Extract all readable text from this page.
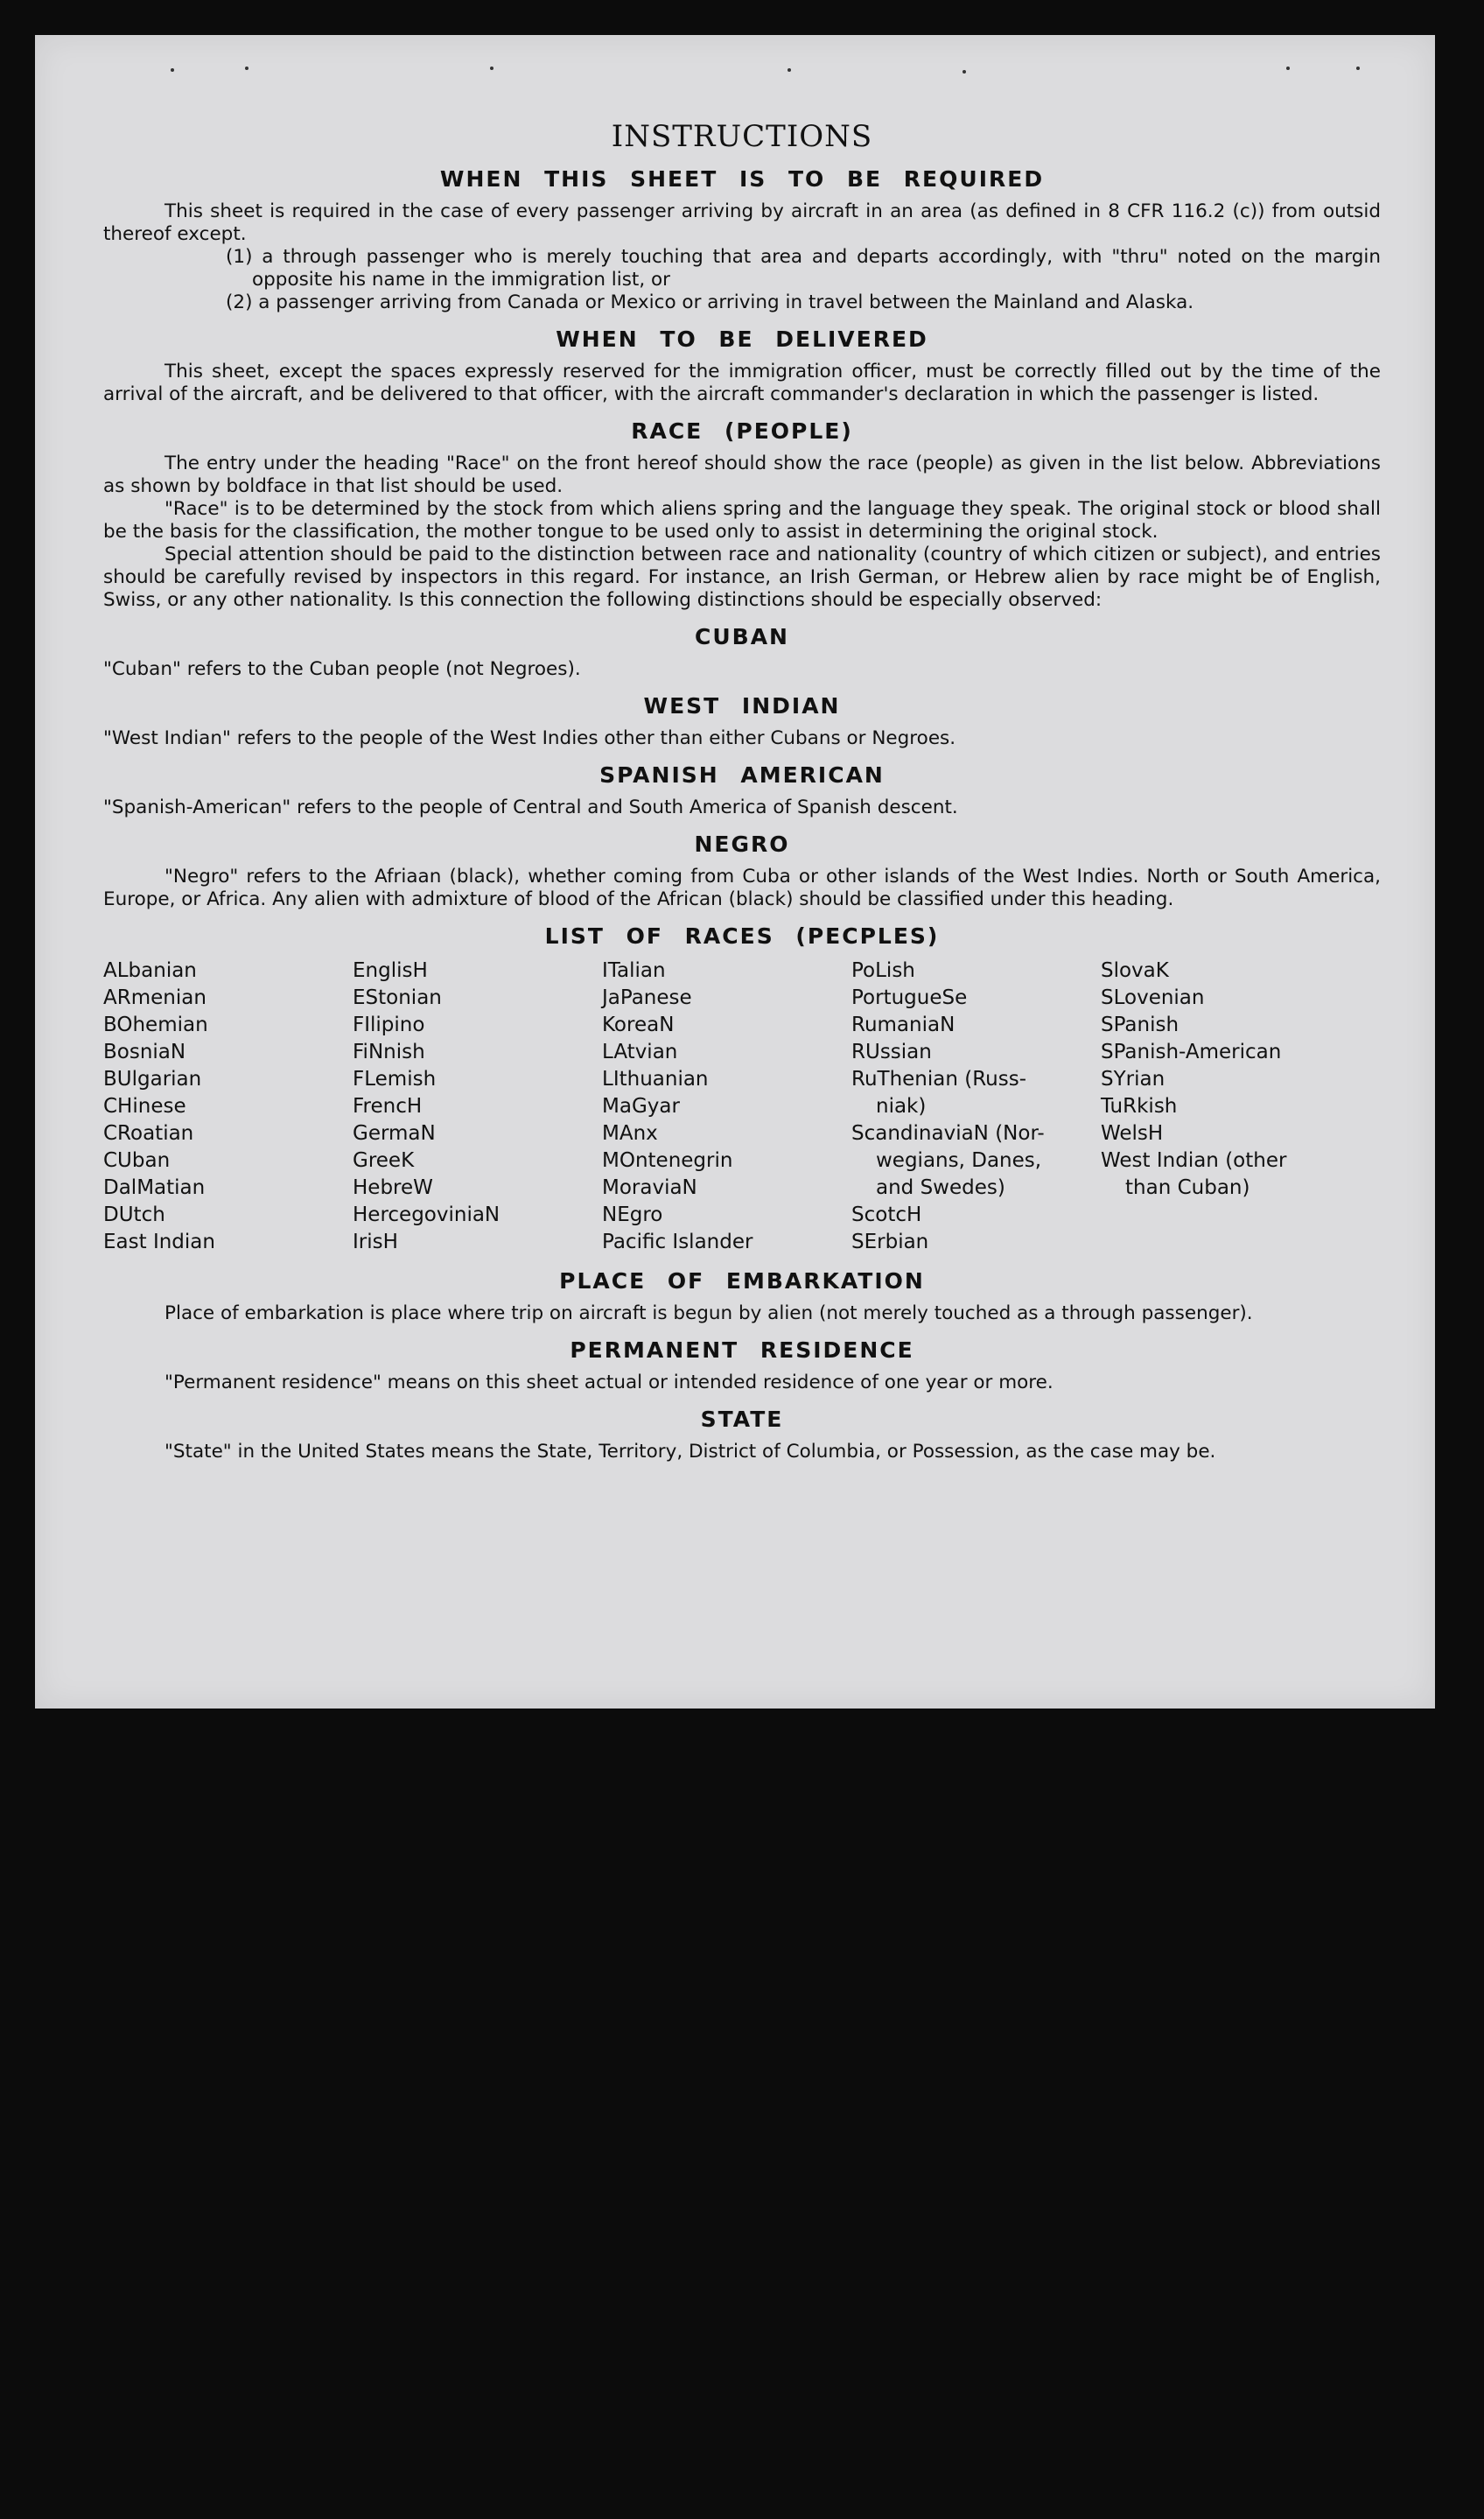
INSTRUCTIONS
WHEN THIS SHEET IS TO BE REQUIRED

This sheet is required in the case of every passenger arriving by aircraft in an area (as defined in 8 CFR 116.2 (c)) from outsid thereof except.

(1) a through passenger who is merely touching that area and departs accordingly, with "thru" noted on the margin opposite his name in the immigration list, or

(2) a passenger arriving from Canada or Mexico or arriving in travel between the Mainland and Alaska.

WHEN TO BE DELIVERED

This sheet, except the spaces expressly reserved for the immigration officer, must be correctly filled out by the time of the arrival of the aircraft, and be delivered to that officer, with the aircraft commander's declaration in which the passenger is listed.

RACE (PEOPLE)

The entry under the heading "Race" on the front hereof should show the race (people) as given in the list below. Abbreviations as shown by boldface in that list should be used.

"Race" is to be determined by the stock from which aliens spring and the language they speak. The original stock or blood shall be the basis for the classification, the mother tongue to be used only to assist in determining the original stock.

Special attention should be paid to the distinction between race and nationality (country of which citizen or subject), and entries should be carefully revised by inspectors in this regard. For instance, an Irish German, or Hebrew alien by race might be of English, Swiss, or any other nationality. Is this connection the following distinctions should be especially observed:

CUBAN

"Cuban" refers to the Cuban people (not Negroes).

WEST INDIAN

"West Indian" refers to the people of the West Indies other than either Cubans or Negroes.

SPANISH AMERICAN

"Spanish-American" refers to the people of Central and South America of Spanish descent.

NEGRO

"Negro" refers to the Afriaan (black), whether coming from Cuba or other islands of the West Indies. North or South America, Europe, or Africa. Any alien with admixture of blood of the African (black) should be classified under this heading.

LIST OF RACES (PECPLES)
ALbanian
ARmenian
BOhemian
BosniaN
BUlgarian
CHinese
CRoatian
CUban
DalMatian
DUtch
East Indian
EnglisH
EStonian
FIlipino
FiNnish
FLemish
FrencH
GermaN
GreeK
HebreW
HercegoviniaN
IrisH
ITalian
JaPanese
KoreaN
LAtvian
LIthuanian
MaGyar
MAnx
MOntenegrin
MoraviaN
NEgro
Pacific Islander
PoLish
PortugueSe
RumaniaN
RUssian
RuThenian (Russ-
niak)
ScandinaviaN (Nor-
wegians, Danes,
and Swedes)
ScotcH
SErbian
SlovaK
SLovenian
SPanish
SPanish-American
SYrian
TuRkish
WelsH
West Indian (other
than Cuban)
PLACE OF EMBARKATION

Place of embarkation is place where trip on aircraft is begun by alien (not merely touched as a through passenger).

PERMANENT RESIDENCE

"Permanent residence" means on this sheet actual or intended residence of one year or more.

STATE

"State" in the United States means the State, Territory, District of Columbia, or Possession, as the case may be.
